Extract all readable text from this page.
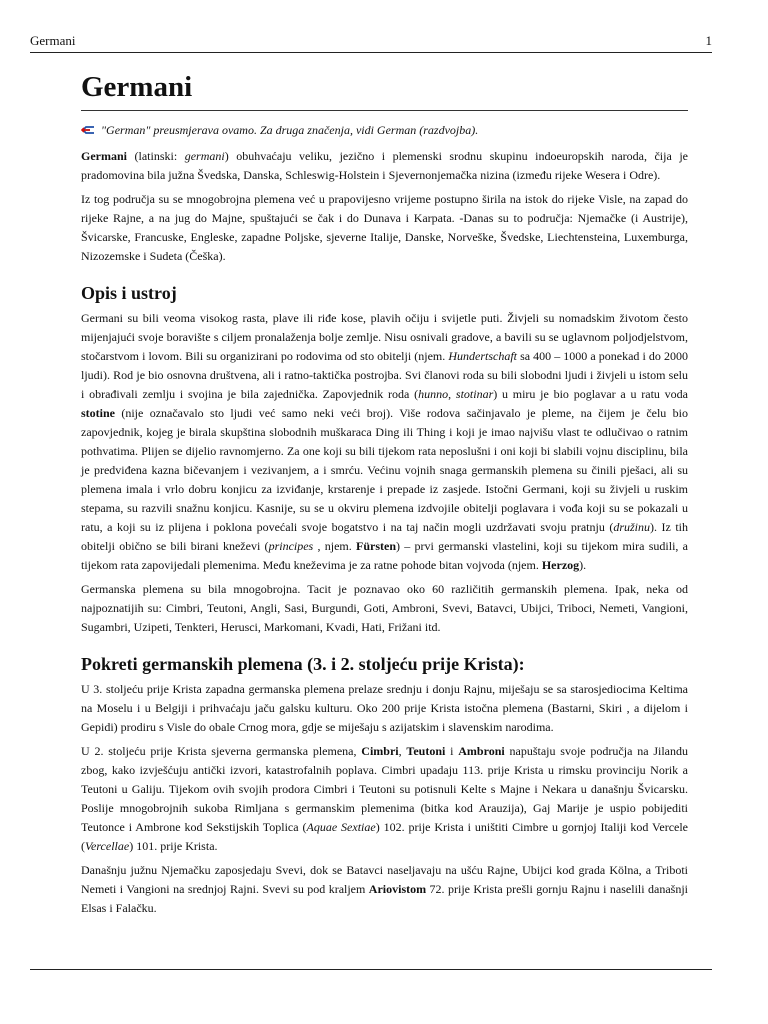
Germani	1
Germani
"German" preusmjerava ovamo. Za druga značenja, vidi German (razdvojba).

Germani (latinski: germani) obuhvaćaju veliku, jezično i plemenski srodnu skupinu indoeuropskih naroda, čija je pradomovina bila južna Švedska, Danska, Schleswig-Holstein i Sjevernonjemačka nizina (između rijeke Wesera i Odre).

Iz tog područja su se mnogobrojna plemena već u prapovijesno vrijeme postupno širila na istok do rijeke Visle, na zapad do rijeke Rajne, a na jug do Majne, spuštajući se čak i do Dunava i Karpata. -Danas su to područja: Njemačke (i Austrije), Švicarske, Francuske, Engleske, zapadne Poljske, sjeverne Italije, Danske, Norveške, Švedske, Liechtensteina, Luxemburga, Nizozemske i Sudeta (Češka).

Opis i ustroj

Germani su bili veoma visokog rasta, plave ili riđe kose, plavih očiju i svijetle puti. Živjeli su nomadskim životom često mijenjajući svoje boravište s ciljem pronalaženja bolje zemlje. Nisu osnivali gradove, a bavili su se uglavnom poljodjelstvom, stočarstvom i lovom. Bili su organizirani po rodovima od sto obitelji (njem. Hundertschaft sa 400 – 1000 a ponekad i do 2000 ljudi). Rod je bio osnovna društvena, ali i ratno-taktička postrojba. Svi članovi roda su bili slobodni ljudi i živjeli u istom selu i obrađivali zemlju i svojina je bila zajednička. Zapovjednik roda (hunno, stotinar) u miru je bio poglavar a u ratu voda stotine (nije označavalo sto ljudi već samo neki veći broj). Više rodova sačinjavalo je pleme, na čijem je čelu bio zapovjednik, kojeg je birala skupština slobodnih muškaraca Ding ili Thing i koji je imao najvišu vlast te odlučivao o ratnim pothvatima. Plijen se dijelio ravnomjerno. Za one koji su bili tijekom rata neposlušni i oni koji bi slabili vojnu disciplinu, bila je predviđena kazna bičevanjem i vezivanjem, a i smrću. Većinu vojnih snaga germanskih plemena su činili pješaci, ali su plemena imala i vrlo dobru konjicu za izviđanje, krstarenje i prepade iz zasjede. Istočni Germani, koji su živjeli u ruskim stepama, su razvili snažnu konjicu. Kasnije, su se u okviru plemena izdvojile obitelji poglavara i vođa koji su se pokazali u ratu, a koji su iz plijena i poklona povećali svoje bogatstvo i na taj način mogli uzdržavati svoju pratnju (družinu). Iz tih obitelji obično se bili birani kneževi (principes , njem. Fürsten) – prvi germanski vlastelini, koji su tijekom mira sudili, a tijekom rata zapovijedali plemenima. Među kneževima je za ratne pohode bitan vojvoda (njem. Herzog).

Germanska plemena su bila mnogobrojna. Tacit je poznavao oko 60 različitih germanskih plemena. Ipak, neka od najpoznatijih su: Cimbri, Teutoni, Angli, Sasi, Burgundi, Goti, Ambroni, Svevi, Batavci, Ubijci, Triboci, Nemeti, Vangioni, Sugambri, Uzipeti, Tenkteri, Herusci, Markomani, Kvadi, Hati, Frižani itd.

Pokreti germanskih plemena (3. i 2. stoljeću prije Krista):

U 3. stoljeću prije Krista zapadna germanska plemena prelaze srednju i donju Rajnu, miješaju se sa starosjediocima Keltima na Moselu i u Belgiji i prihvaćaju jaču galsku kulturu. Oko 200 prije Krista istočna plemena (Bastarni, Skiri , a dijelom i Gepidi) prodiru s Visle do obale Crnog mora, gdje se miješaju s azijatskim i slavenskim narodima.

U 2. stoljeću prije Krista sjeverna germanska plemena, Cimbri, Teutoni i Ambroni napuštaju svoje područja na Jilandu zbog, kako izvješćuju antički izvori, katastrofalnih poplava. Cimbri upadaju 113. prije Krista u rimsku provinciju Norik a Teutoni u Galiju. Tijekom ovih svojih prodora Cimbri i Teutoni su potisnuli Kelte s Majne i Nekara u današnju Švicarsku. Poslije mnogobrojnih sukoba Rimljana s germanskim plemenima (bitka kod Arauzija), Gaj Marije je uspio pobijediti Teutonce i Ambrone kod Sekstijskih Toplica (Aquae Sextiae) 102. prije Krista i uništiti Cimbre u gornjoj Italiji kod Vercele (Vercellae) 101. prije Krista.

Današnju južnu Njemačku zaposjedaju Svevi, dok se Batavci naseljavaju na ušću Rajne, Ubijci kod grada Kölna, a Triboti Nemeti i Vangioni na srednjoj Rajni. Svevi su pod kraljem Ariovistom 72. prije Krista prešli gornju Rajnu i naselili današnji Elsas i Falačku.
